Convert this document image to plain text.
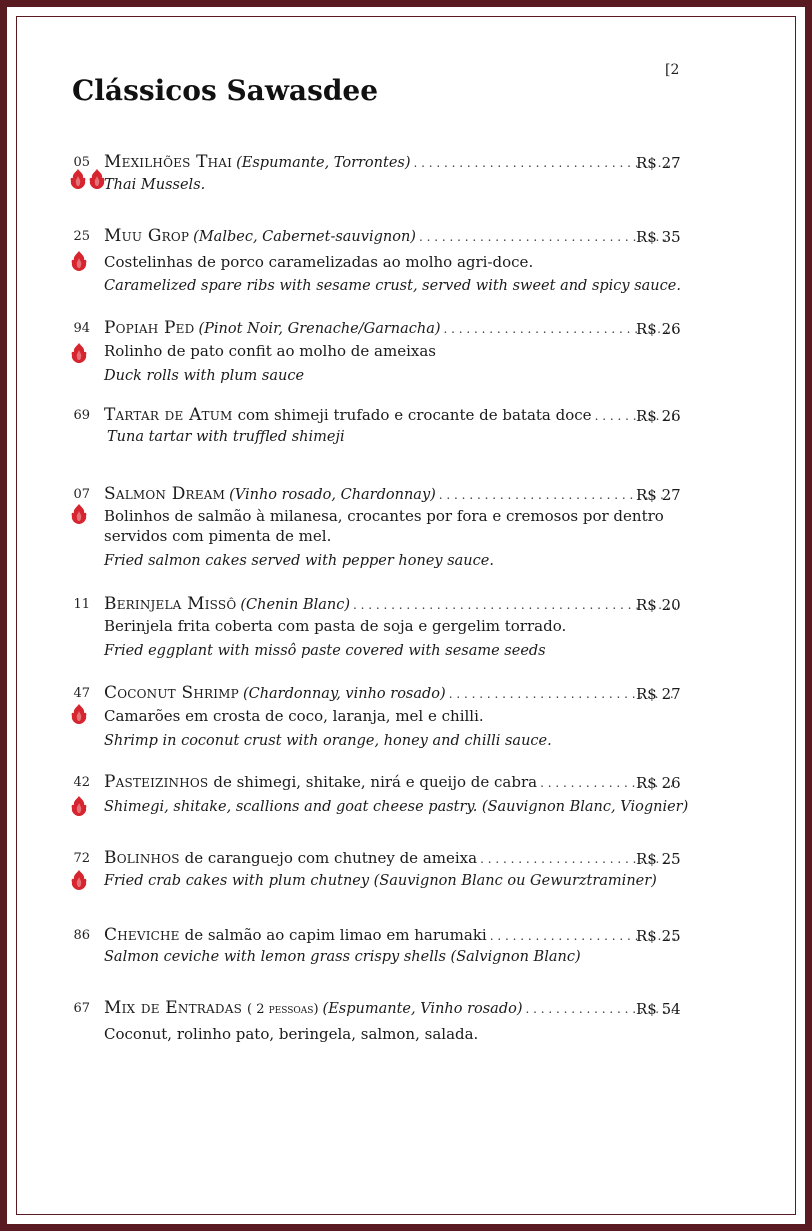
[2
Clássicos Sawasdee
05 Mexilhões Thai (Espumante, Torrontes) . . .	R$ 27
Thai Mussels.
25 Muu Grop (Malbec, Cabernet-sauvignon) . . .	R$ 35
Costelinhas de porco caramelizadas ao molho agri-doce.
Caramelized spare ribs with sesame crust, served with sweet and spicy sauce.
94 Popiah Ped (Pinot Noir, Grenache/Garnacha) . . .	R$ 26
Rolinho de pato confit ao molho de ameixas
Duck rolls with plum sauce
69 Tartar de Atum com shimeji trufado e crocante de batata doce . . .	R$ 26
Tuna tartar with truffled shimeji
07 Salmon Dream (Vinho rosado, Chardonnay) . . .	R$ 27
Bolinhos de salmão à milanesa, crocantes por fora e cremosos por dentro servidos com pimenta de mel.
Fried salmon cakes served with pepper honey sauce.
11 Berinjela Missô (Chenin Blanc) . . .	R$ 20
Berinjela frita coberta com pasta de soja e gergelim torrado.
Fried eggplant with missô paste covered with sesame seeds
47 Coconut Shrimp (Chardonnay, vinho rosado) . . .	R$ 27
Camarões em crosta de coco, laranja, mel e chilli.
Shrimp in coconut crust with orange, honey and chilli sauce.
42 Pasteizinhos de shimegi, shitake, nirá e queijo de cabra . . .	R$ 26
Shimegi, shitake, scallions and goat cheese pastry. (Sauvignon Blanc, Viognier)
72 Bolinhos de caranguejo com chutney de ameixa . . .	R$ 25
Fried crab cakes with plum chutney (Sauvignon Blanc ou Gewurztraminer)
86 Cheviche de salmão ao capim limao em harumaki . . .	R$ 25
Salmon ceviche with lemon grass crispy shells (Salvignon Blanc)
67 Mix de Entradas ( 2 pessoas) (Espumante, Vinho rosado) . . .	R$ 54
Coconut, rolinho pato, beringela, salmon, salada.
